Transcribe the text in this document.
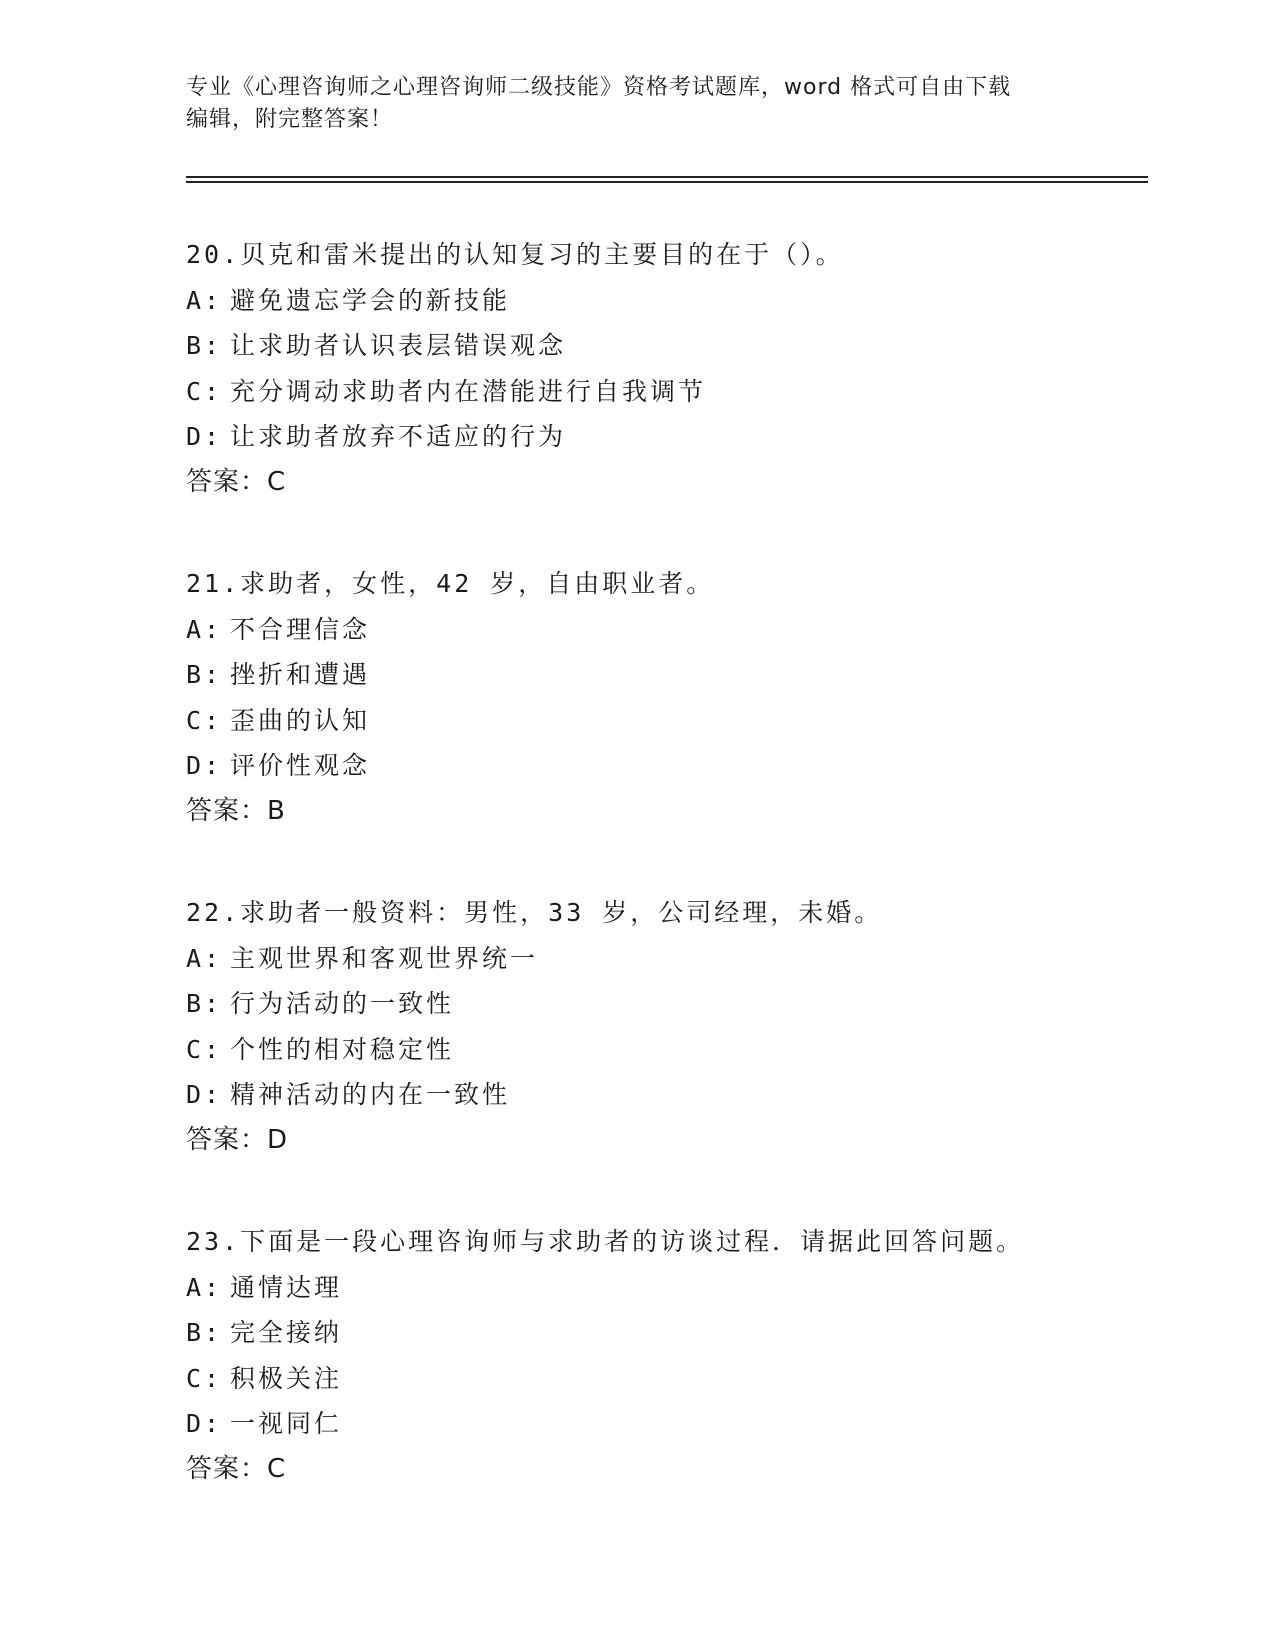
专业《心理咨询师之心理咨询师二级技能》资格考试题库，word 格式可自由下载
编辑，附完整答案！
20.贝克和雷米提出的认知复习的主要目的在于（）。
A: 避免遗忘学会的新技能
B: 让求助者认识表层错误观念
C: 充分调动求助者内在潜能进行自我调节
D: 让求助者放弃不适应的行为
答案：C
21.求助者，女性，42 岁，自由职业者。
A: 不合理信念
B: 挫折和遭遇
C: 歪曲的认知
D: 评价性观念
答案：B
22.求助者一般资料：男性，33 岁，公司经理，未婚。
A: 主观世界和客观世界统一
B: 行为活动的一致性
C: 个性的相对稳定性
D: 精神活动的内在一致性
答案：D
23.下面是一段心理咨询师与求助者的访谈过程．请据此回答问题。
A: 通情达理
B: 完全接纳
C: 积极关注
D: 一视同仁
答案：C
